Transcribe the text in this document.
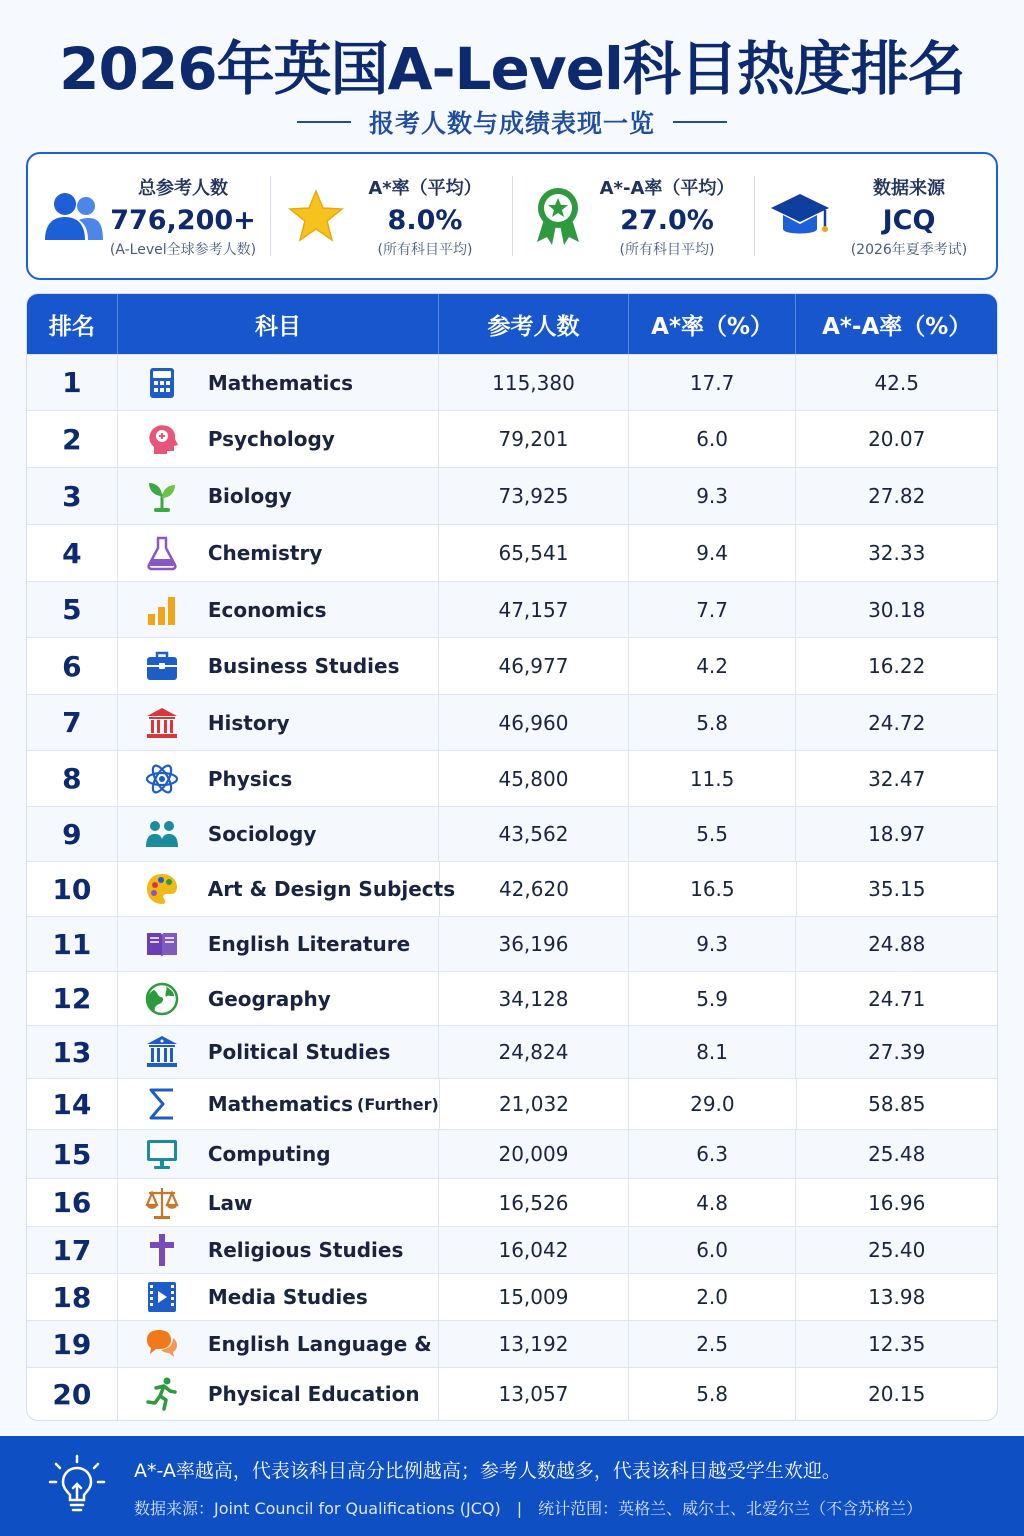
2026年英国A-Level科目热度排名
报考人数与成绩表现一览
总参考人数
776,200+
(A-Level全球参考人数)
A*率（平均）
8.0%
(所有科目平均)
A*-A率（平均）
27.0%
(所有科目平均)
数据来源
JCQ
(2026年夏季考试)
排名	科目	参考人数	A*率（%）	A*-A率（%）
1	Mathematics	115,380	17.7	42.5
2	Psychology	79,201	6.0	20.07
3	Biology	73,925	9.3	27.82
4	Chemistry	65,541	9.4	32.33
5	Economics	47,157	7.7	30.18
6	Business Studies	46,977	4.2	16.22
7	History	46,960	5.8	24.72
8	Physics	45,800	11.5	32.47
9	Sociology	43,562	5.5	18.97
10	Art & Design Subjects	42,620	16.5	35.15
11	English Literature	36,196	9.3	24.88
12	Geography	34,128	5.9	24.71
13	Political Studies	24,824	8.1	27.39
14	Mathematics (Further)	21,032	29.0	58.85
15	Computing	20,009	6.3	25.48
16	Law	16,526	4.8	16.96
17	Religious Studies	16,042	6.0	25.40
18	Media Studies	15,009	2.0	13.98
19	English Language &	13,192	2.5	12.35
20	Physical Education	13,057	5.8	20.15
A*-A率越高，代表该科目高分比例越高；参考人数越多，代表该科目越受学生欢迎。
数据来源：Joint Council for Qualifications (JCQ)　|　统计范围：英格兰、威尔士、北爱尔兰（不含苏格兰）
